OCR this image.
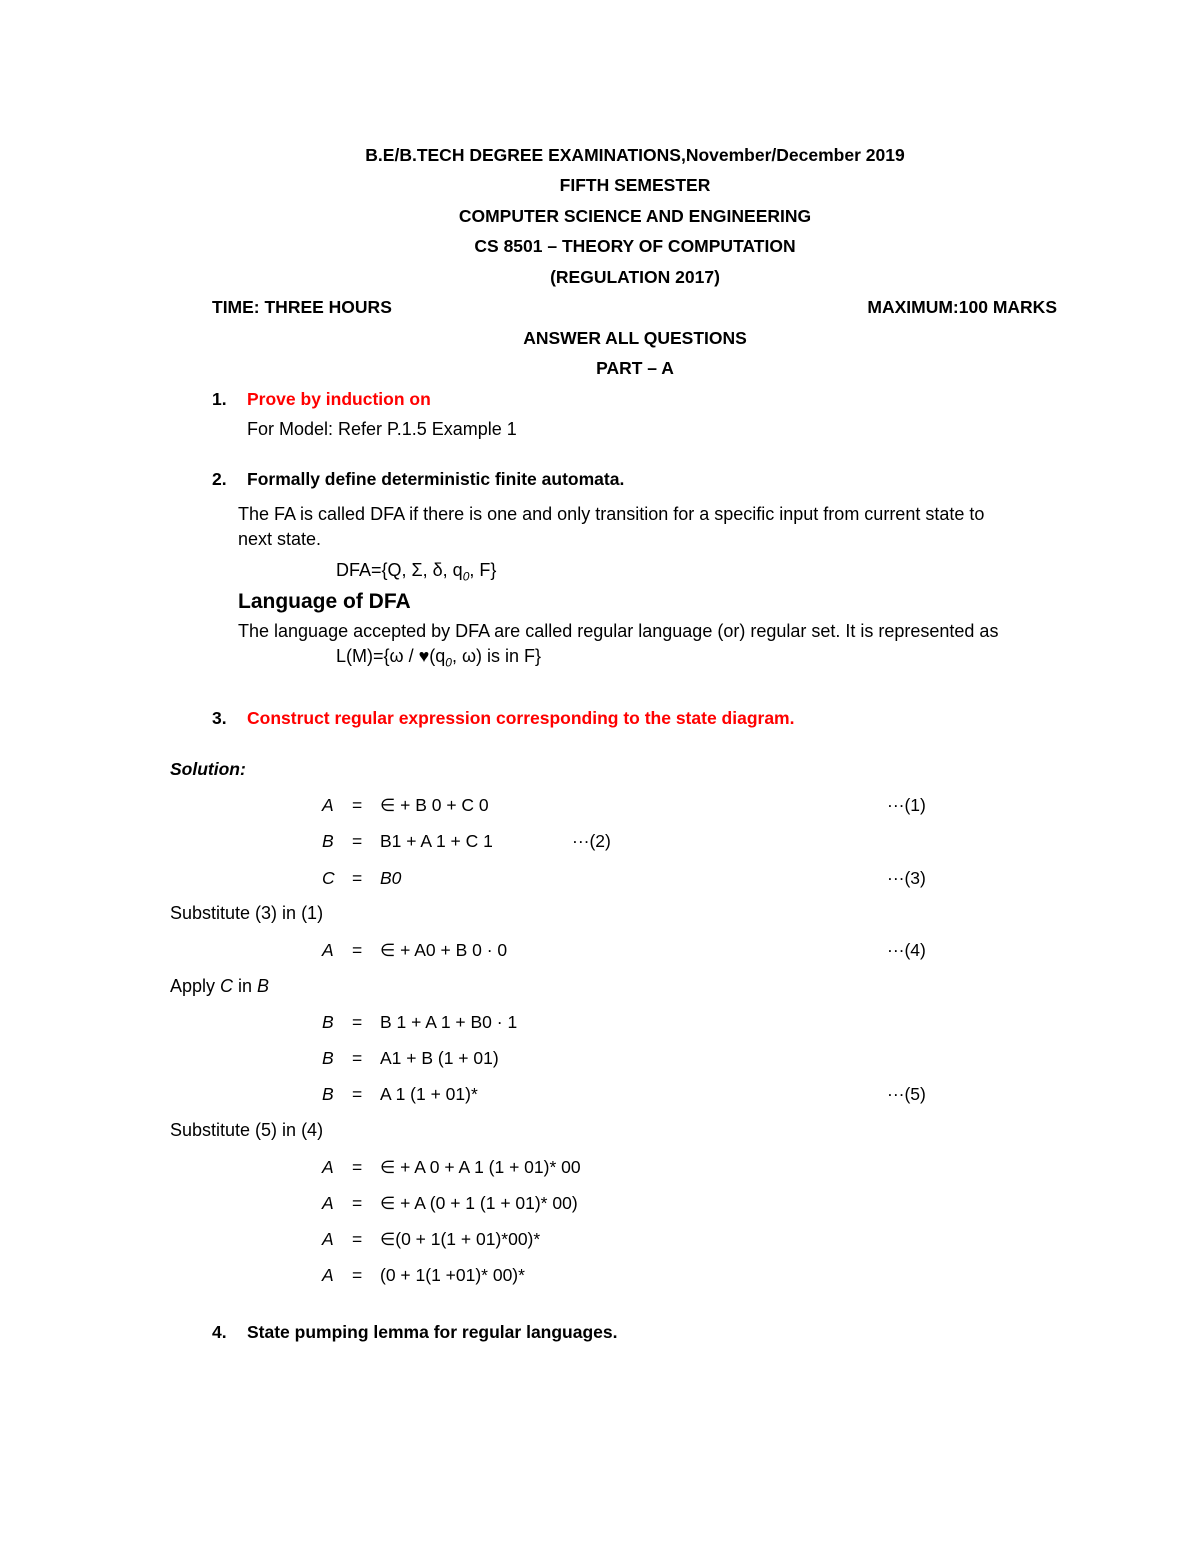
B.E/B.TECH DEGREE EXAMINATIONS,November/December 2019
FIFTH SEMESTER
COMPUTER SCIENCE AND ENGINEERING
CS 8501 – THEORY OF COMPUTATION
(REGULATION 2017)
TIME: THREE HOURS	MAXIMUM:100 MARKS
ANSWER ALL QUESTIONS
PART – A
1. Prove by induction on
For Model: Refer P.1.5 Example 1
2. Formally define deterministic finite automata.
The FA is called DFA if there is one and only transition for a specific input from current state to
next state.
DFA={Q, Σ, δ, $q_0$, F}
Language of DFA
The language accepted by DFA are called regular language (or) regular set. It is represented as
$L(M)=\{\omega / ♥(q_0$, ω) is in F}
3. Construct regular expression corresponding to the state diagram.
Solution:
A = ∈ + B 0 + C 0	···(1)
B = B1 + A 1 + C 1	···(2)
C = B0	···(3)
Substitute (3) in (1)
A = ∈ + A0 + B 0 · 0	···(4)
Apply C in B
B = B 1 + A 1 + B0 · 1
B = A1 + B (1 + 01)
B = A 1 (1 + 01)*	···(5)
Substitute (5) in (4)
A = ∈ + A 0 + A 1 (1 + 01)* 00
A = ∈ + A (0 + 1 (1 + 01)* 00)
A = ∈(0 + 1(1 + 01)*00)*
A = (0 + 1(1 +01)* 00)*
4. State pumping lemma for regular languages.
